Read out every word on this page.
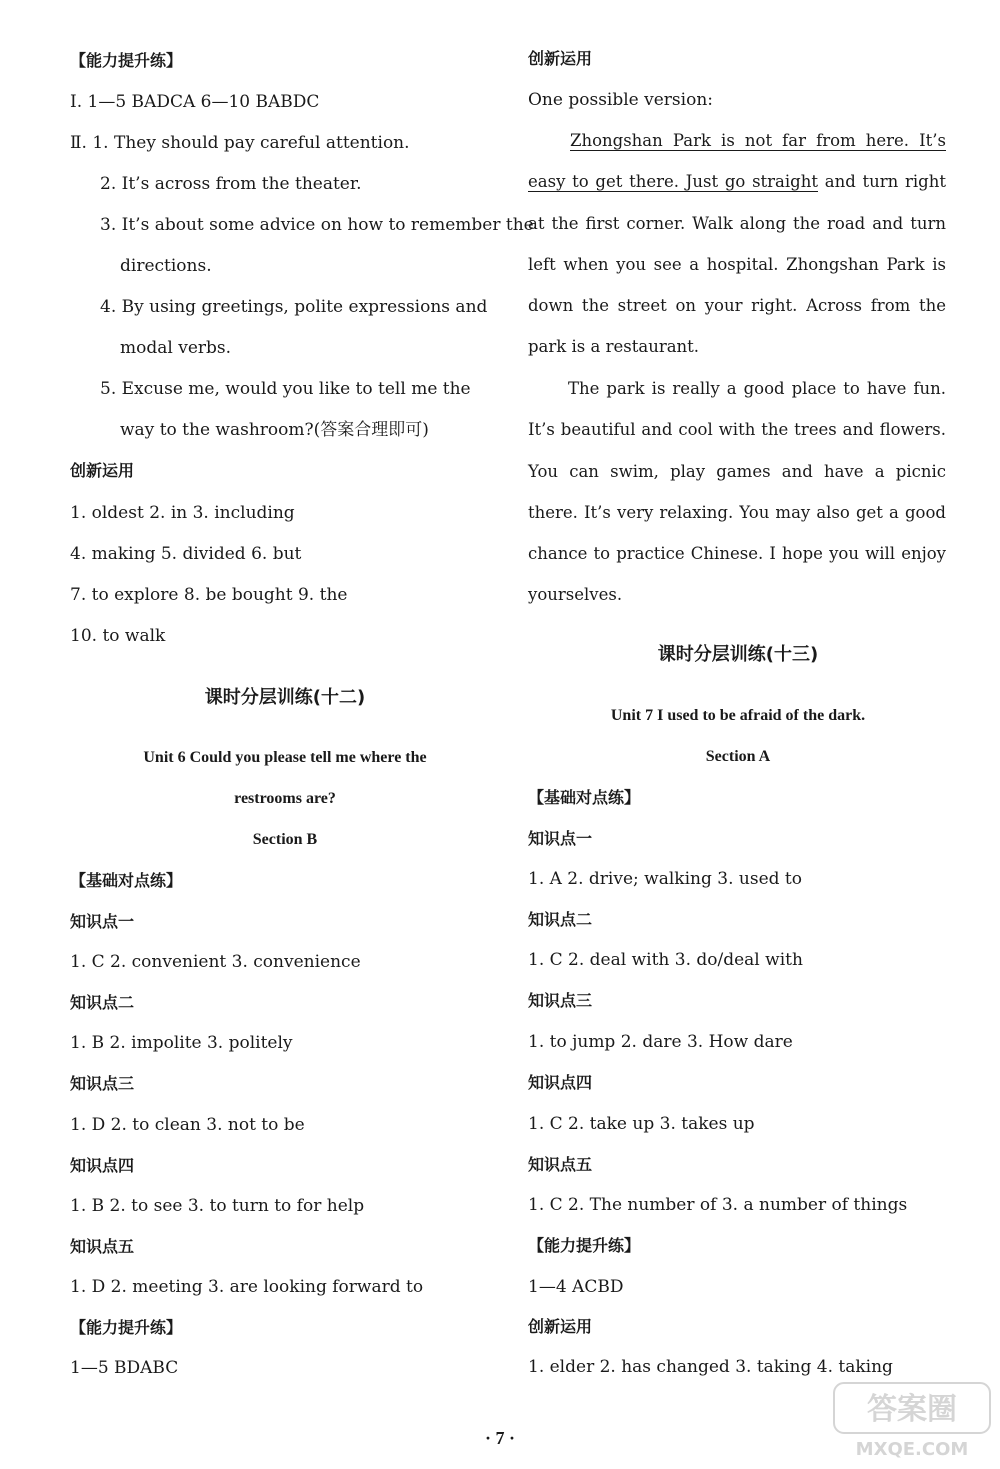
【能力提升练】
Ⅰ. 1—5 BADCA 6—10 BABDC
Ⅱ. 1. They should pay careful attention.
2. It’s across from the theater.
3. It’s about some advice on how to remember the
directions.
4. By using greetings, polite expressions and
modal verbs.
5. Excuse me, would you like to tell me the
way to the washroom?(答案合理即可)
创新运用
1. oldest 2. in 3. including
4. making 5. divided 6. but
7. to explore 8. be bought 9. the
10. to walk
课时分层训练(十二)
Unit 6 Could you please tell me where the
restrooms are?
Section B
【基础对点练】
知识点一
1. C 2. convenient 3. convenience
知识点二
1. B 2. impolite 3. politely
知识点三
1. D 2. to clean 3. not to be
知识点四
1. B 2. to see 3. to turn to for help
知识点五
1. D 2. meeting 3. are looking forward to
【能力提升练】
1—5 BDABC
创新运用
One possible version:

Zhongshan Park is not far from here. It’s easy to get there. Just go straight and turn right at the first corner. Walk along the road and turn left when you see a hospital. Zhongshan Park is down the street on your right. Across from the park is a restaurant.

The park is really a good place to have fun. It’s beautiful and cool with the trees and flowers. You can swim, play games and have a picnic there. It’s very relaxing. You may also get a good chance to practice Chinese. I hope you will enjoy yourselves.

课时分层训练(十三)
Unit 7 I used to be afraid of the dark.
Section A
【基础对点练】
知识点一
1. A 2. drive; walking 3. used to
知识点二
1. C 2. deal with 3. do/deal with
知识点三
1. to jump 2. dare 3. How dare
知识点四
1. C 2. take up 3. takes up
知识点五
1. C 2. The number of 3. a number of things
【能力提升练】
1—4 ACBD
创新运用
1. elder 2. has changed 3. taking 4. taking
· 7 ·
答案圈
MXQE.COM
